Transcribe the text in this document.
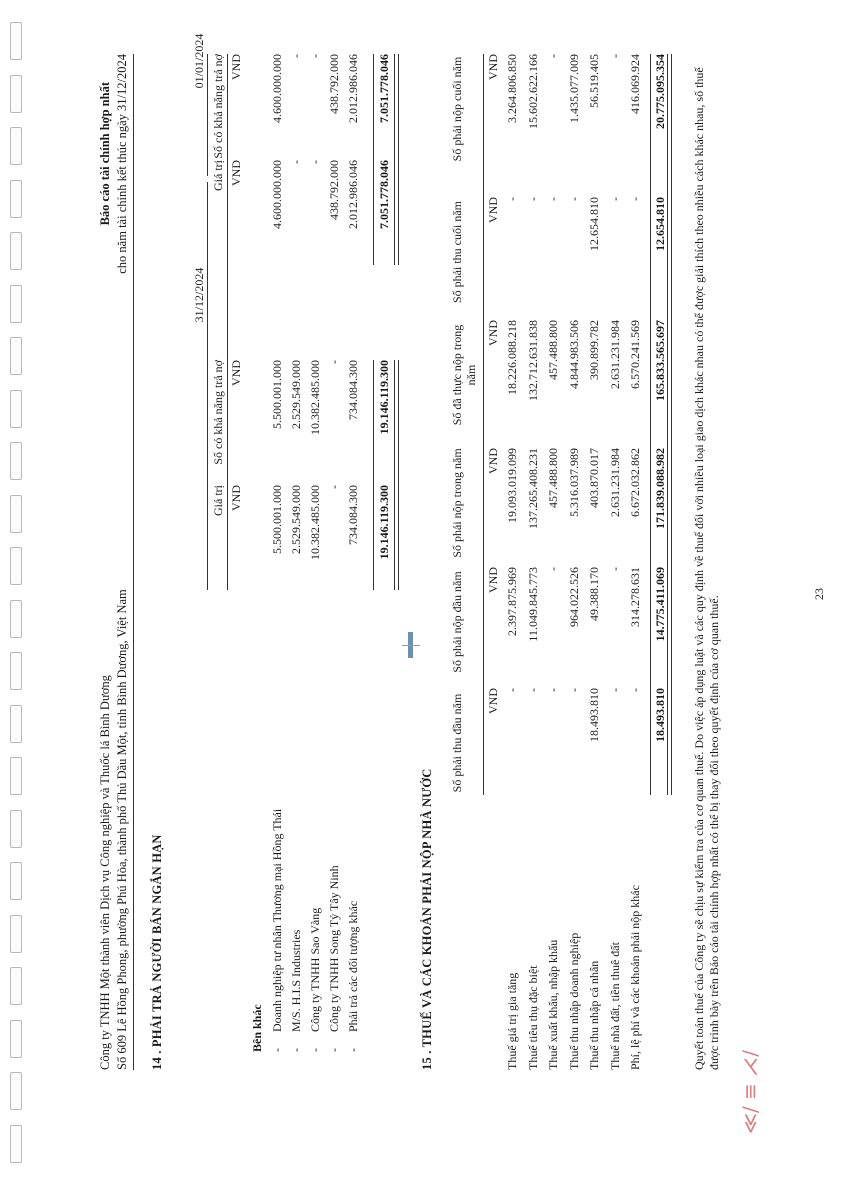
≪∕ ≡ ⋌∕
Công ty TNHH Một thành viên Dịch vụ Công nghiệp và Thuốc lá Bình Dương Số 609 Lê Hồng Phong, phường Phú Hòa, thành phố Thủ Dầu Một, tỉnh Bình Dương, Việt Nam
Báo cáo tài chính hợp nhất cho năm tài chính kết thúc ngày 31/12/2024
14 . PHẢI TRẢ NGƯỜI BÁN NGẮN HẠN
31/12/2024
01/01/2024
Giá trị
Số có khả năng trả nợ
Giá trị
Số có khả năng trả nợ
VND
VND
VND
VND
Bên khác -
Doanh nghiệp tư nhân Thương mại Hồng Thái
5.500.001.000
5.500.001.000
4.600.000.000
4.600.000.000
-
M/S. H.I.S Industries
2.529.549.000
2.529.549.000
-
-
-
Công ty TNHH Sao Vàng
10.382.485.000
10.382.485.000
-
-
-
Công ty TNHH Song Tỷ Tây Ninh
-
-
438.792.000
438.792.000
-
Phải trả các đối tượng khác
734.084.300
734.084.300
2.012.986.046
2.012.986.046
19.146.119.300
19.146.119.300
7.051.778.046
7.051.778.046
15 . THUẾ VÀ CÁC KHOẢN PHẢI NỘP NHÀ NƯỚC
Số phải thu đầu năm
Số phải nộp đầu năm
Số phải nộp trong năm
Số đã thực nộp trong năm
Số phải thu cuối năm
Số phải nộp cuối năm
VND
VND
VND
VND
VND
VND
Thuế giá trị gia tăng
-
2.397.875.969
19.093.019.099
18.226.088.218
-
3.264.806.850
Thuế tiêu thụ đặc biệt
-
11.049.845.773
137.265.408.231
132.712.631.838
-
15.602.622.166
Thuế xuất khẩu, nhập khẩu
-
-
457.488.800
457.488.800
-
-
Thuế thu nhập doanh nghiệp
-
964.022.526
5.316.037.989
4.844.983.506
-
1.435.077.009
Thuế thu nhập cá nhân
18.493.810
49.388.170
403.870.017
390.899.782
12.654.810
56.519.405
Thuế nhà đất, tiền thuê đất
-
-
2.631.231.984
2.631.231.984
-
-
Phí, lệ phí và các khoản phải nộp khác
-
314.278.631
6.672.032.862
6.570.241.569
-
416.069.924
18.493.810
14.775.411.069
171.839.088.982
165.833.565.697
12.654.810
20.775.095.354 Quyết toán thuế của Công ty sẽ chịu sự kiểm tra của cơ quan thuế. Do việc áp dụng luật và các quy định về thuế đối với nhiều loại giao dịch khác nhau có thể được giải thích theo nhiều cách khác nhau, số thuế được trình bày trên Báo cáo tài chính hợp nhất có thể bị thay đổi theo quyết định của cơ quan thuế.
23
